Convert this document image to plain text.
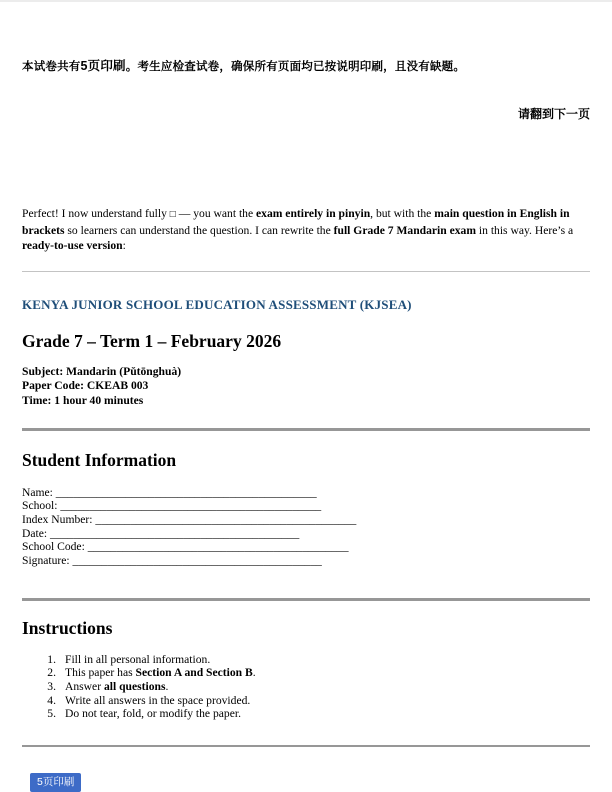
本试卷共有5页印刷。考生应检查试卷，确保所有页面均已按说明印刷，且没有缺题。
请翻到下一页

Perfect! I now understand fully □ — you want the exam entirely in pinyin, but with the main question in English in brackets so learners can understand the question. I can rewrite the full Grade 7 Mandarin exam in this way. Here’s a ready-to-use version:

KENYA JUNIOR SCHOOL EDUCATION ASSESSMENT (KJSEA)
Grade 7 – Term 1 – February 2026
Subject: Mandarin (Pǔtōnghuà)
Paper Code: CKEAB 003
Time: 1 hour 40 minutes
Student Information
Name: _____________________________________________
School: _____________________________________________
Index Number: _____________________________________________
Date: ___________________________________________
School Code: _____________________________________________
Signature: ___________________________________________
Instructions
1. Fill in all personal information.
2. This paper has Section A and Section B.
3. Answer all questions.
4. Write all answers in the space provided.
5. Do not tear, fold, or modify the paper.
5页印刷
